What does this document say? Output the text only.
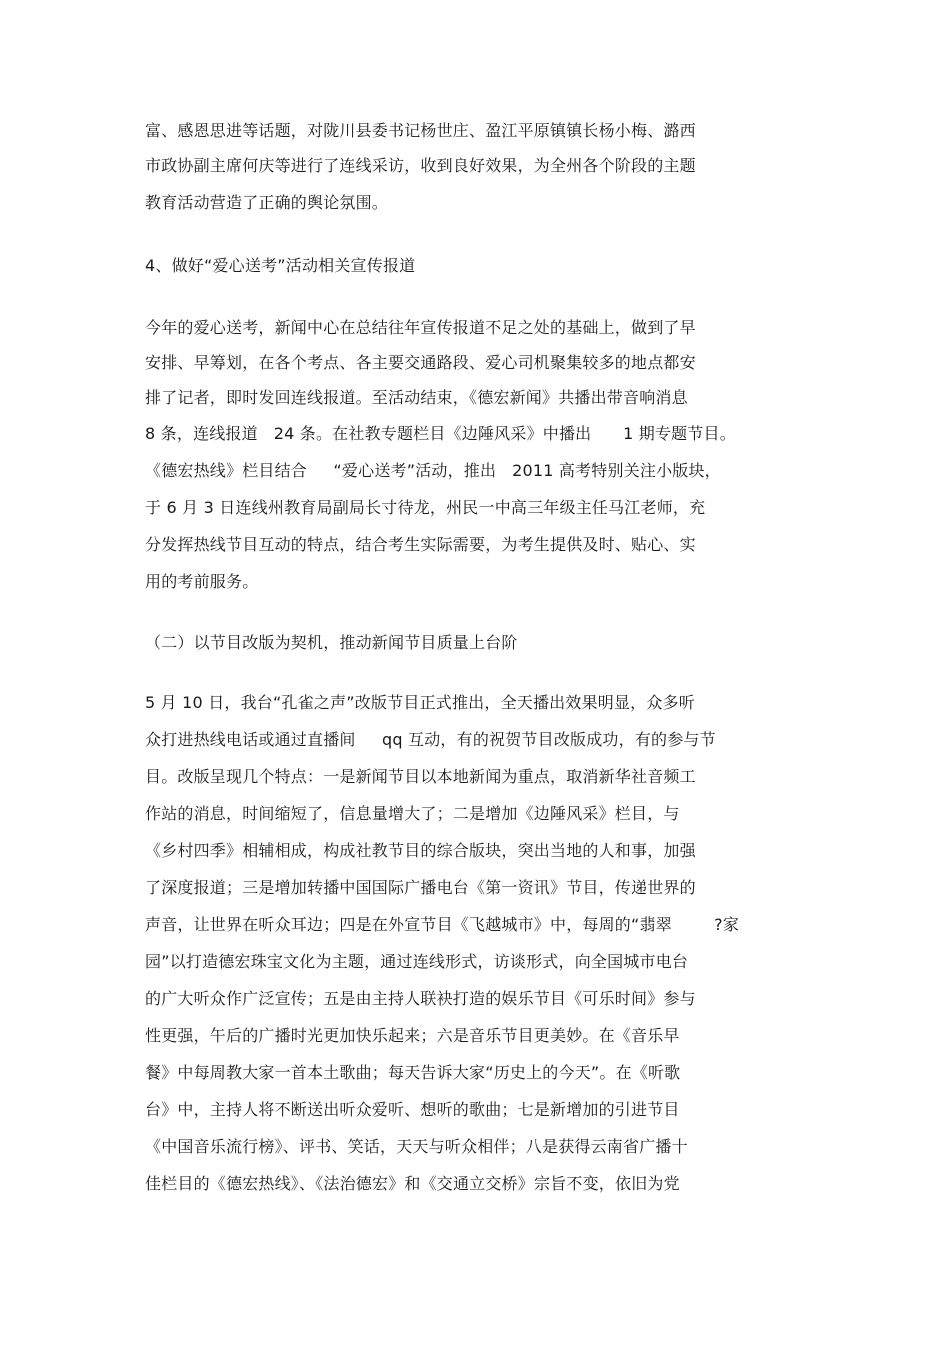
富、感恩思进等话题，对陇川县委书记杨世庄、盈江平原镇镇长杨小梅、潞西
市政协副主席何庆等进行了连线采访，收到良好效果，为全州各个阶段的主题
教育活动营造了正确的舆论氛围。
4、做好“爱心送考”活动相关宣传报道
今年的爱心送考，新闻中心在总结往年宣传报道不足之处的基础上，做到了早
安排、早筹划，在各个考点、各主要交通路段、爱心司机聚集较多的地点都安
排了记者，即时发回连线报道。至活动结束，《德宏新闻》共播出带音响消息
8 条，连线报道   24 条。在社教专题栏目《边陲风采》中播出      1 期专题节目。
《德宏热线》栏目结合     “爱心送考”活动，推出   2011 高考特别关注小版块，
于 6 月 3 日连线州教育局副局长寸待龙，州民一中高三年级主任马江老师，充
分发挥热线节目互动的特点，结合考生实际需要，为考生提供及时、贴心、实
用的考前服务。
（二）以节目改版为契机，推动新闻节目质量上台阶
5 月 10 日，我台“孔雀之声”改版节目正式推出，全天播出效果明显，众多听
众打进热线电话或通过直播间     qq 互动，有的祝贺节目改版成功，有的参与节
目。改版呈现几个特点：一是新闻节目以本地新闻为重点，取消新华社音频工
作站的消息，时间缩短了，信息量增大了；二是增加《边陲风采》栏目，与
《乡村四季》相辅相成，构成社教节目的综合版块，突出当地的人和事，加强
了深度报道；三是增加转播中国国际广播电台《第一资讯》节目，传递世界的
声音，让世界在听众耳边；四是在外宣节目《飞越城市》中，每周的“翡翠        ?家
园”以打造德宏珠宝文化为主题，通过连线形式，访谈形式，向全国城市电台
的广大听众作广泛宣传；五是由主持人联袂打造的娱乐节目《可乐时间》参与
性更强，午后的广播时光更加快乐起来；六是音乐节目更美妙。在《音乐早
餐》中每周教大家一首本土歌曲；每天告诉大家“历史上的今天”。在《听歌
台》中，主持人将不断送出听众爱听、想听的歌曲；七是新增加的引进节目
《中国音乐流行榜》、评书、笑话，天天与听众相伴；八是获得云南省广播十
佳栏目的《德宏热线》、《法治德宏》和《交通立交桥》宗旨不变，依旧为党
